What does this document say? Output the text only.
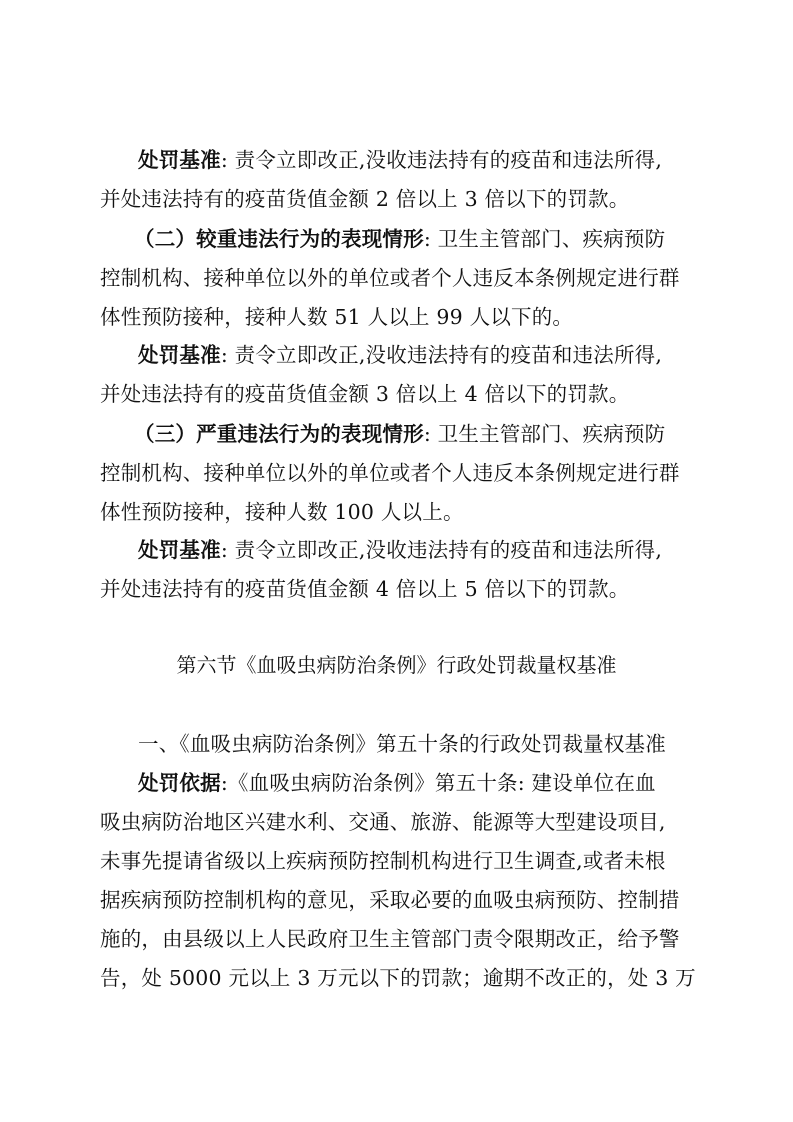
处罚基准: 责令立即改正,没收违法持有的疫苗和违法所得,
并处违法持有的疫苗货值金额 2 倍以上 3 倍以下的罚款。
（二）较重违法行为的表现情形: 卫生主管部门、疾病预防
控制机构、接种单位以外的单位或者个人违反本条例规定进行群
体性预防接种，接种人数 51 人以上 99 人以下的。
处罚基准: 责令立即改正,没收违法持有的疫苗和违法所得,
并处违法持有的疫苗货值金额 3 倍以上 4 倍以下的罚款。
（三）严重违法行为的表现情形: 卫生主管部门、疾病预防
控制机构、接种单位以外的单位或者个人违反本条例规定进行群
体性预防接种，接种人数 100 人以上。
处罚基准: 责令立即改正,没收违法持有的疫苗和违法所得,
并处违法持有的疫苗货值金额 4 倍以上 5 倍以下的罚款。
第六节《血吸虫病防治条例》行政处罚裁量权基准
一、《血吸虫病防治条例》第五十条的行政处罚裁量权基准
处罚依据:《血吸虫病防治条例》第五十条: 建设单位在血
吸虫病防治地区兴建水利、交通、旅游、能源等大型建设项目,
未事先提请省级以上疾病预防控制机构进行卫生调查,或者未根
据疾病预防控制机构的意见，采取必要的血吸虫病预防、控制措
施的，由县级以上人民政府卫生主管部门责令限期改正，给予警
告，处 5000 元以上 3 万元以下的罚款；逾期不改正的，处 3 万
